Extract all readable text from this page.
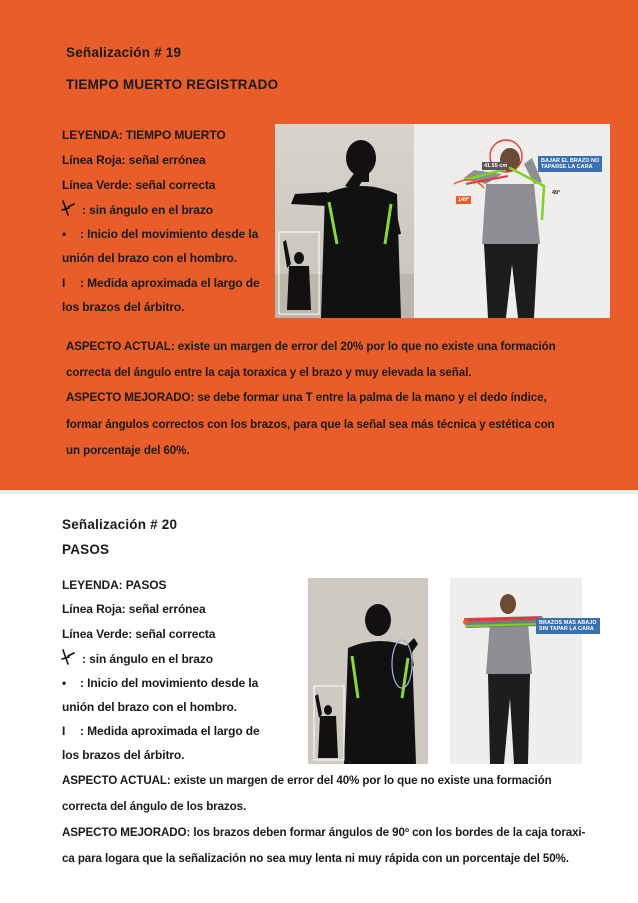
Señalización # 19
TIEMPO MUERTO REGISTRADO
LEYENDA: TIEMPO MUERTO
Línea Roja: señal errónea
Línea Verde: señal correcta
: sin ángulo en el brazo
• : Inicio del movimiento desde la
unión del brazo con el hombro.
I : Medida aproximada el largo de
los brazos del árbitro.
41.55 cm
149°
49°
BAJAR EL BRAZO NO
TAPARSE LA CARA
ASPECTO ACTUAL: existe un margen de error del 20% por lo que no existe una formación
correcta del ángulo entre la caja toraxica y el brazo y muy elevada la señal.
ASPECTO MEJORADO: se debe formar una T entre la palma de la mano y el dedo índice,
formar ángulos correctos con los brazos, para que la señal sea más técnica y estética con
un porcentaje del 60%.
Señalización # 20
PASOS
LEYENDA: PASOS
Línea Roja: señal errónea
Línea Verde: señal correcta
: sin ángulo en el brazo
• : Inicio del movimiento desde la
unión del brazo con el hombro.
I : Medida aproximada el largo de
los brazos del árbitro.
BRAZOS MAS ABAJO
SIN TAPAR LA CARA
ASPECTO ACTUAL: existe un margen de error del 40% por lo que no existe una formación
correcta del ángulo de los brazos.
ASPECTO MEJORADO: los brazos deben formar ángulos de 90º con los bordes de la caja toraxi-
ca para logara que la señalización no sea muy lenta ni muy rápida con un porcentaje del 50%.
